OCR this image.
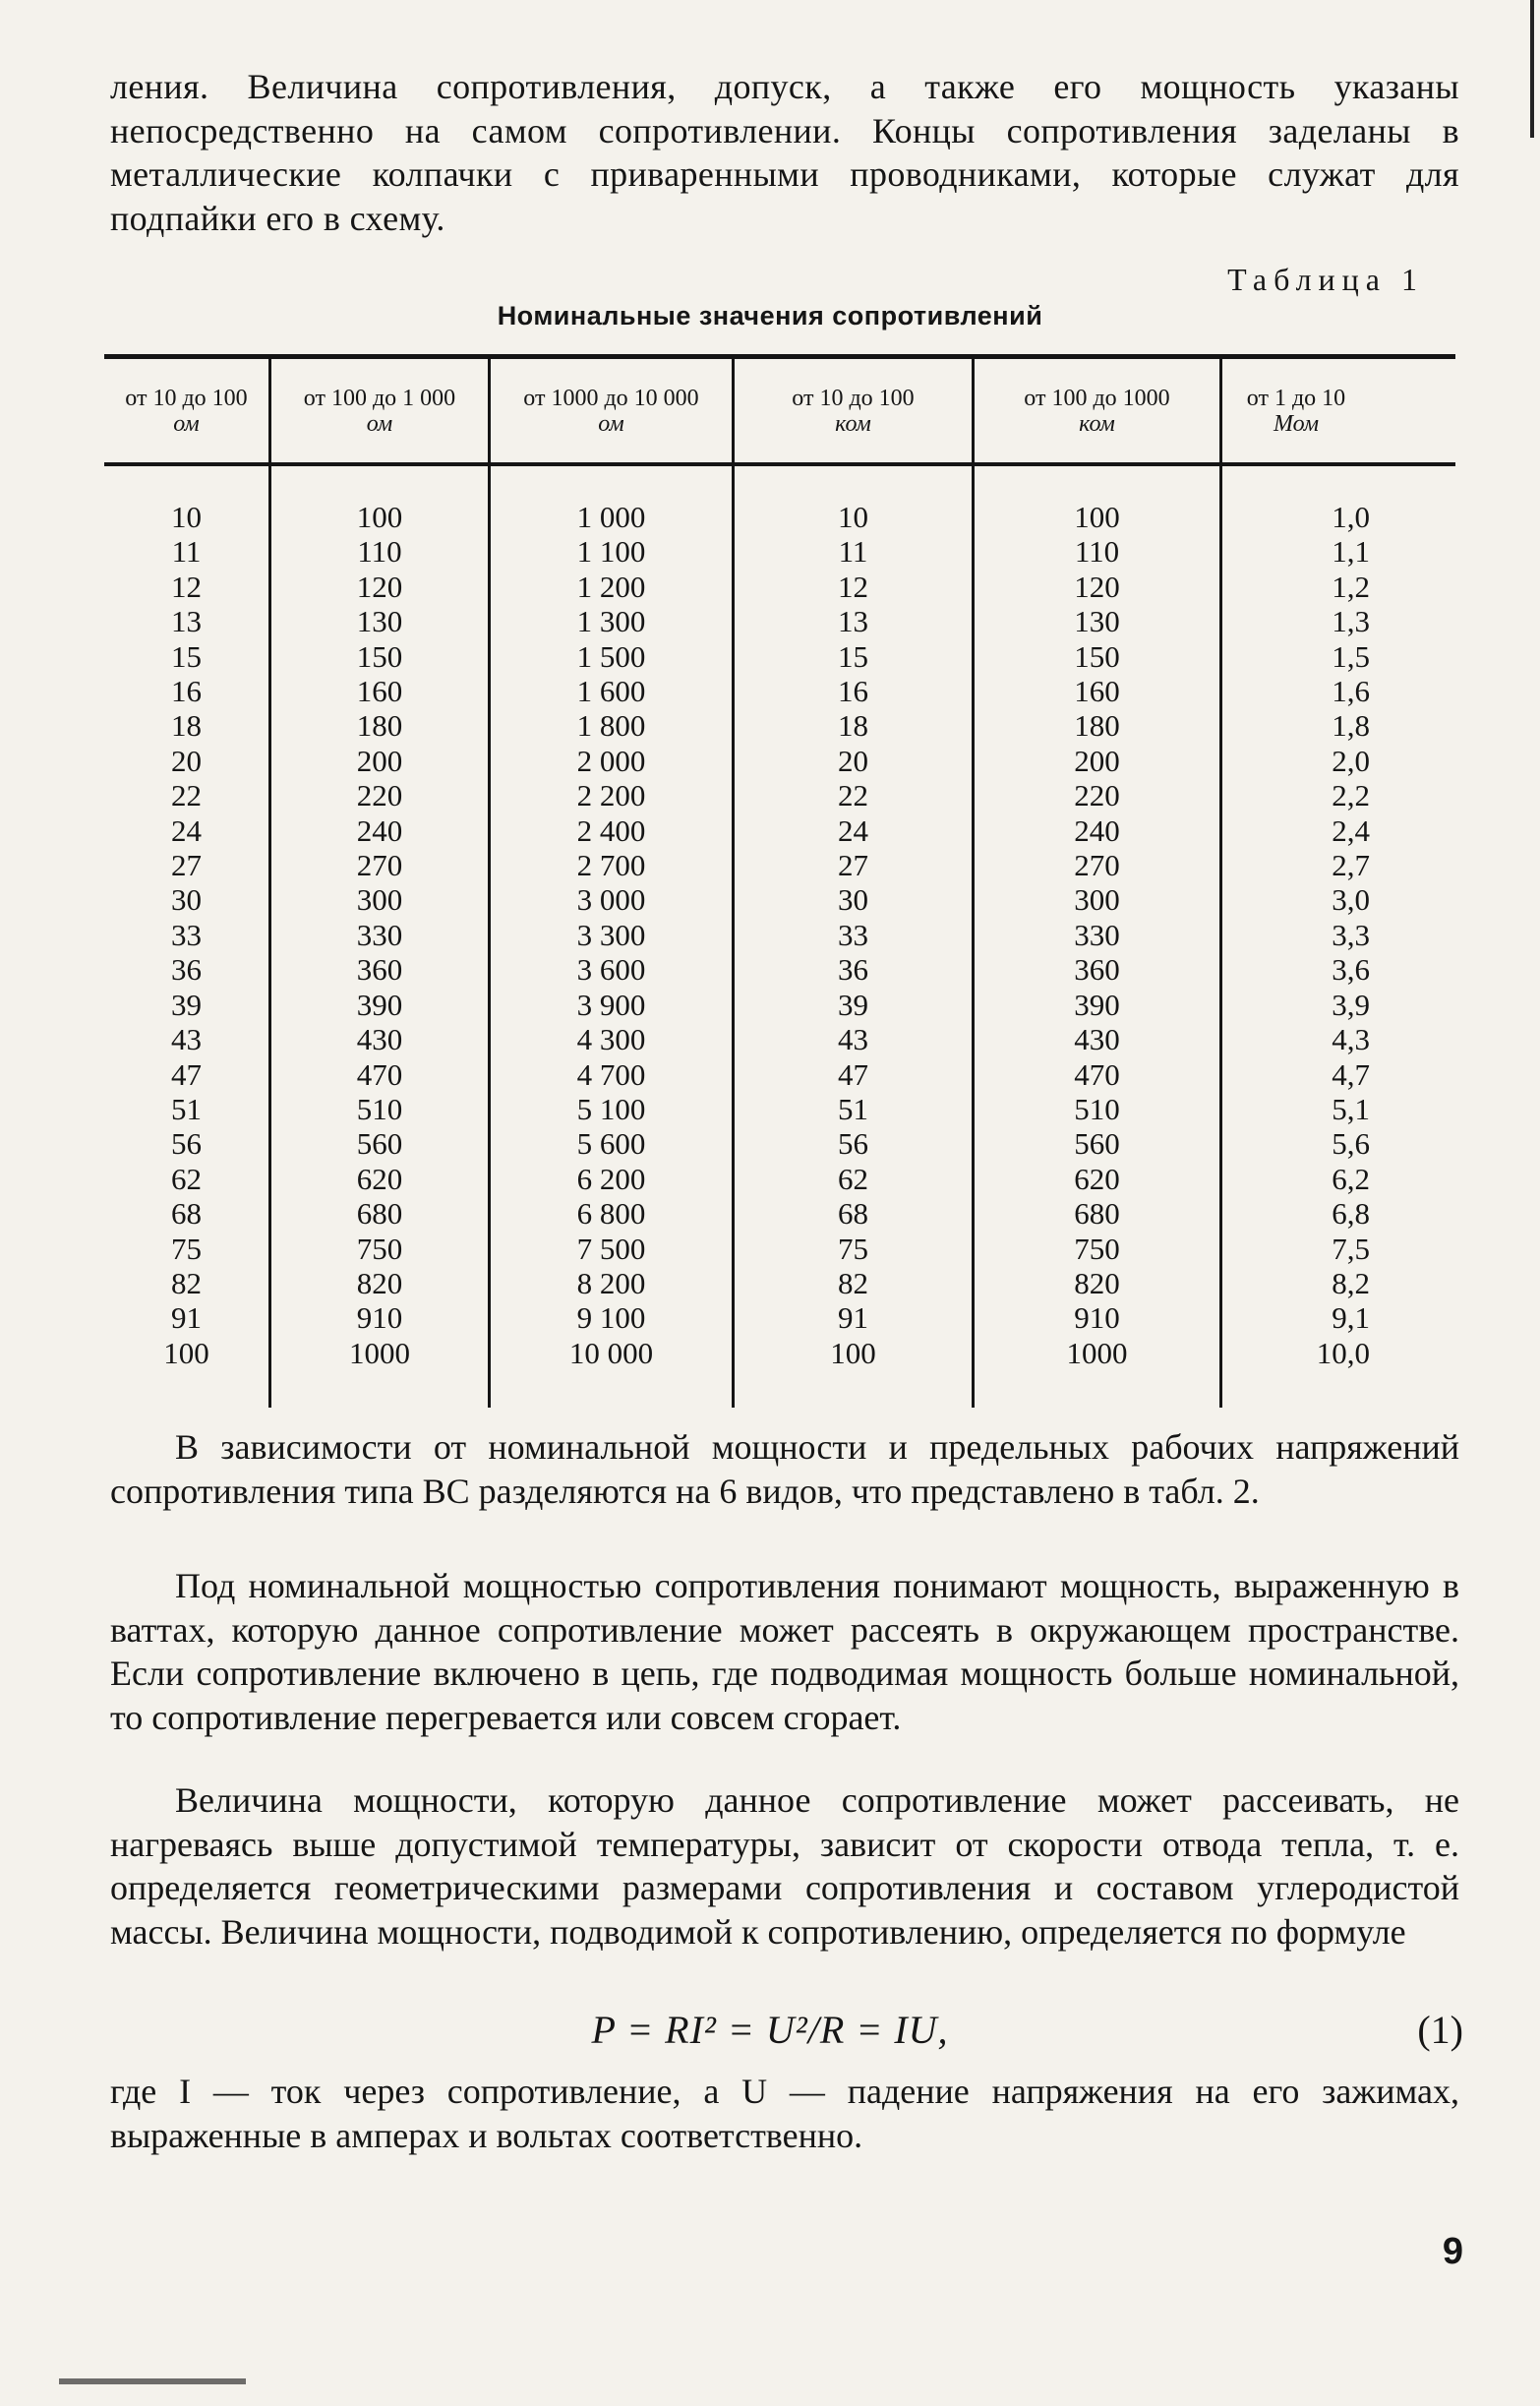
ления. Величина сопротивления, допуск, а также его мощность указаны непосредственно на самом сопротивлении. Концы сопротивления заделаны в металлические колпачки с приваренными проводниками, которые служат для подпайки его в схему.

Таблица 1
Номинальные значения сопротивлений
от 10 до 100
ом
10
11
12
13
15
16
18
20
22
24
27
30
33
36
39
43
47
51
56
62
68
75
82
91
100
от 100 до 1 000
ом
100
110
120
130
150
160
180
200
220
240
270
300
330
360
390
430
470
510
560
620
680
750
820
910
1000
от 1000 до 10 000
ом
1 000
1 100
1 200
1 300
1 500
1 600
1 800
2 000
2 200
2 400
2 700
3 000
3 300
3 600
3 900
4 300
4 700
5 100
5 600
6 200
6 800
7 500
8 200
9 100
10 000
от 10 до 100
ком
10
11
12
13
15
16
18
20
22
24
27
30
33
36
39
43
47
51
56
62
68
75
82
91
100
от 100 до 1000
ком
100
110
120
130
150
160
180
200
220
240
270
300
330
360
390
430
470
510
560
620
680
750
820
910
1000
от 1 до 10
Мом
1,0
1,1
1,2
1,3
1,5
1,6
1,8
2,0
2,2
2,4
2,7
3,0
3,3
3,6
3,9
4,3
4,7
5,1
5,6
6,2
6,8
7,5
8,2
9,1
10,0

В зависимости от номинальной мощности и предельных рабочих напряжений сопротивления типа ВС разделяются на 6 видов, что представлено в табл. 2.

Под номинальной мощностью сопротивления понимают мощность, выраженную в ваттах, которую данное сопротивление может рассеять в окружающем пространстве. Если сопротивление включено в цепь, где подводимая мощность больше номинальной, то сопротивление перегревается или совсем сгорает.

Величина мощности, которую данное сопротивление может рассеивать, не нагреваясь выше допустимой температуры, зависит от скорости отвода тепла, т. е. определяется геометрическими размерами сопротивления и составом углеродистой массы. Величина мощности, подводимой к сопротивлению, определяется по формуле

P = RI² = U²/R = IU,	(1)

где I — ток через сопротивление, а U — падение напряжения на его зажимах, выраженные в амперах и вольтах соответственно.

9
